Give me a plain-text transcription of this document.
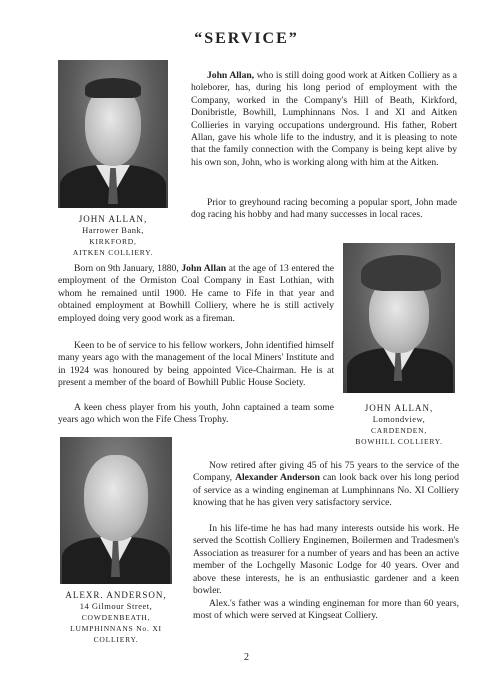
“SERVICE”
JOHN ALLAN,
Harrower Bank,
KIRKFORD,
AITKEN COLLIERY.

John Allan, who is still doing good work at Aitken Colliery as a holeborer, has, during his long period of employment with the Company, worked in the Company's Hill of Beath, Kirkford, Donibristle, Bowhill, Lumphinnans Nos. I and XI and Aitken Collieries in varying occupations underground. His father, Robert Allan, gave his whole life to the industry, and it is pleasing to note that the family connection with the Company is being kept alive by his own son, John, who is working along with him at the Aitken.

Prior to greyhound racing becoming a popular sport, John made dog racing his hobby and had many successes in local races.

JOHN ALLAN,
Lomondview,
CARDENDEN,
BOWHILL COLLIERY.

Born on 9th January, 1880, John Allan at the age of 13 entered the employment of the Ormiston Coal Company in East Lothian, with whom he remained until 1900. He came to Fife in that year and obtained employment at Bowhill Colliery, where he is still actively employed doing very good work as a fireman.

Keen to be of service to his fellow workers, John identified himself many years ago with the management of the local Miners' Institute and in 1924 was honoured by being appointed Vice-Chairman. He is at present a member of the board of Bowhill Public House Society.

A keen chess player from his youth, John captained a team some years ago which won the Fife Chess Trophy.

ALEXR. ANDERSON,
14 Gilmour Street,
COWDENBEATH,
LUMPHINNANS No. XI
COLLIERY.

Now retired after giving 45 of his 75 years to the service of the Company, Alexander Anderson can look back over his long period of service as a winding engineman at Lumphinnans No. XI Colliery knowing that he has given very satisfactory service.

In his life-time he has had many interests outside his work. He served the Scottish Colliery Enginemen, Boilermen and Tradesmen's Association as treasurer for a number of years and has been an active member of the Lochgelly Masonic Lodge for 40 years. Over and above these interests, he is an enthusiastic gardener and a keen bowler.

Alex.'s father was a winding engineman for more than 60 years, most of which were served at Kingseat Colliery.

2
